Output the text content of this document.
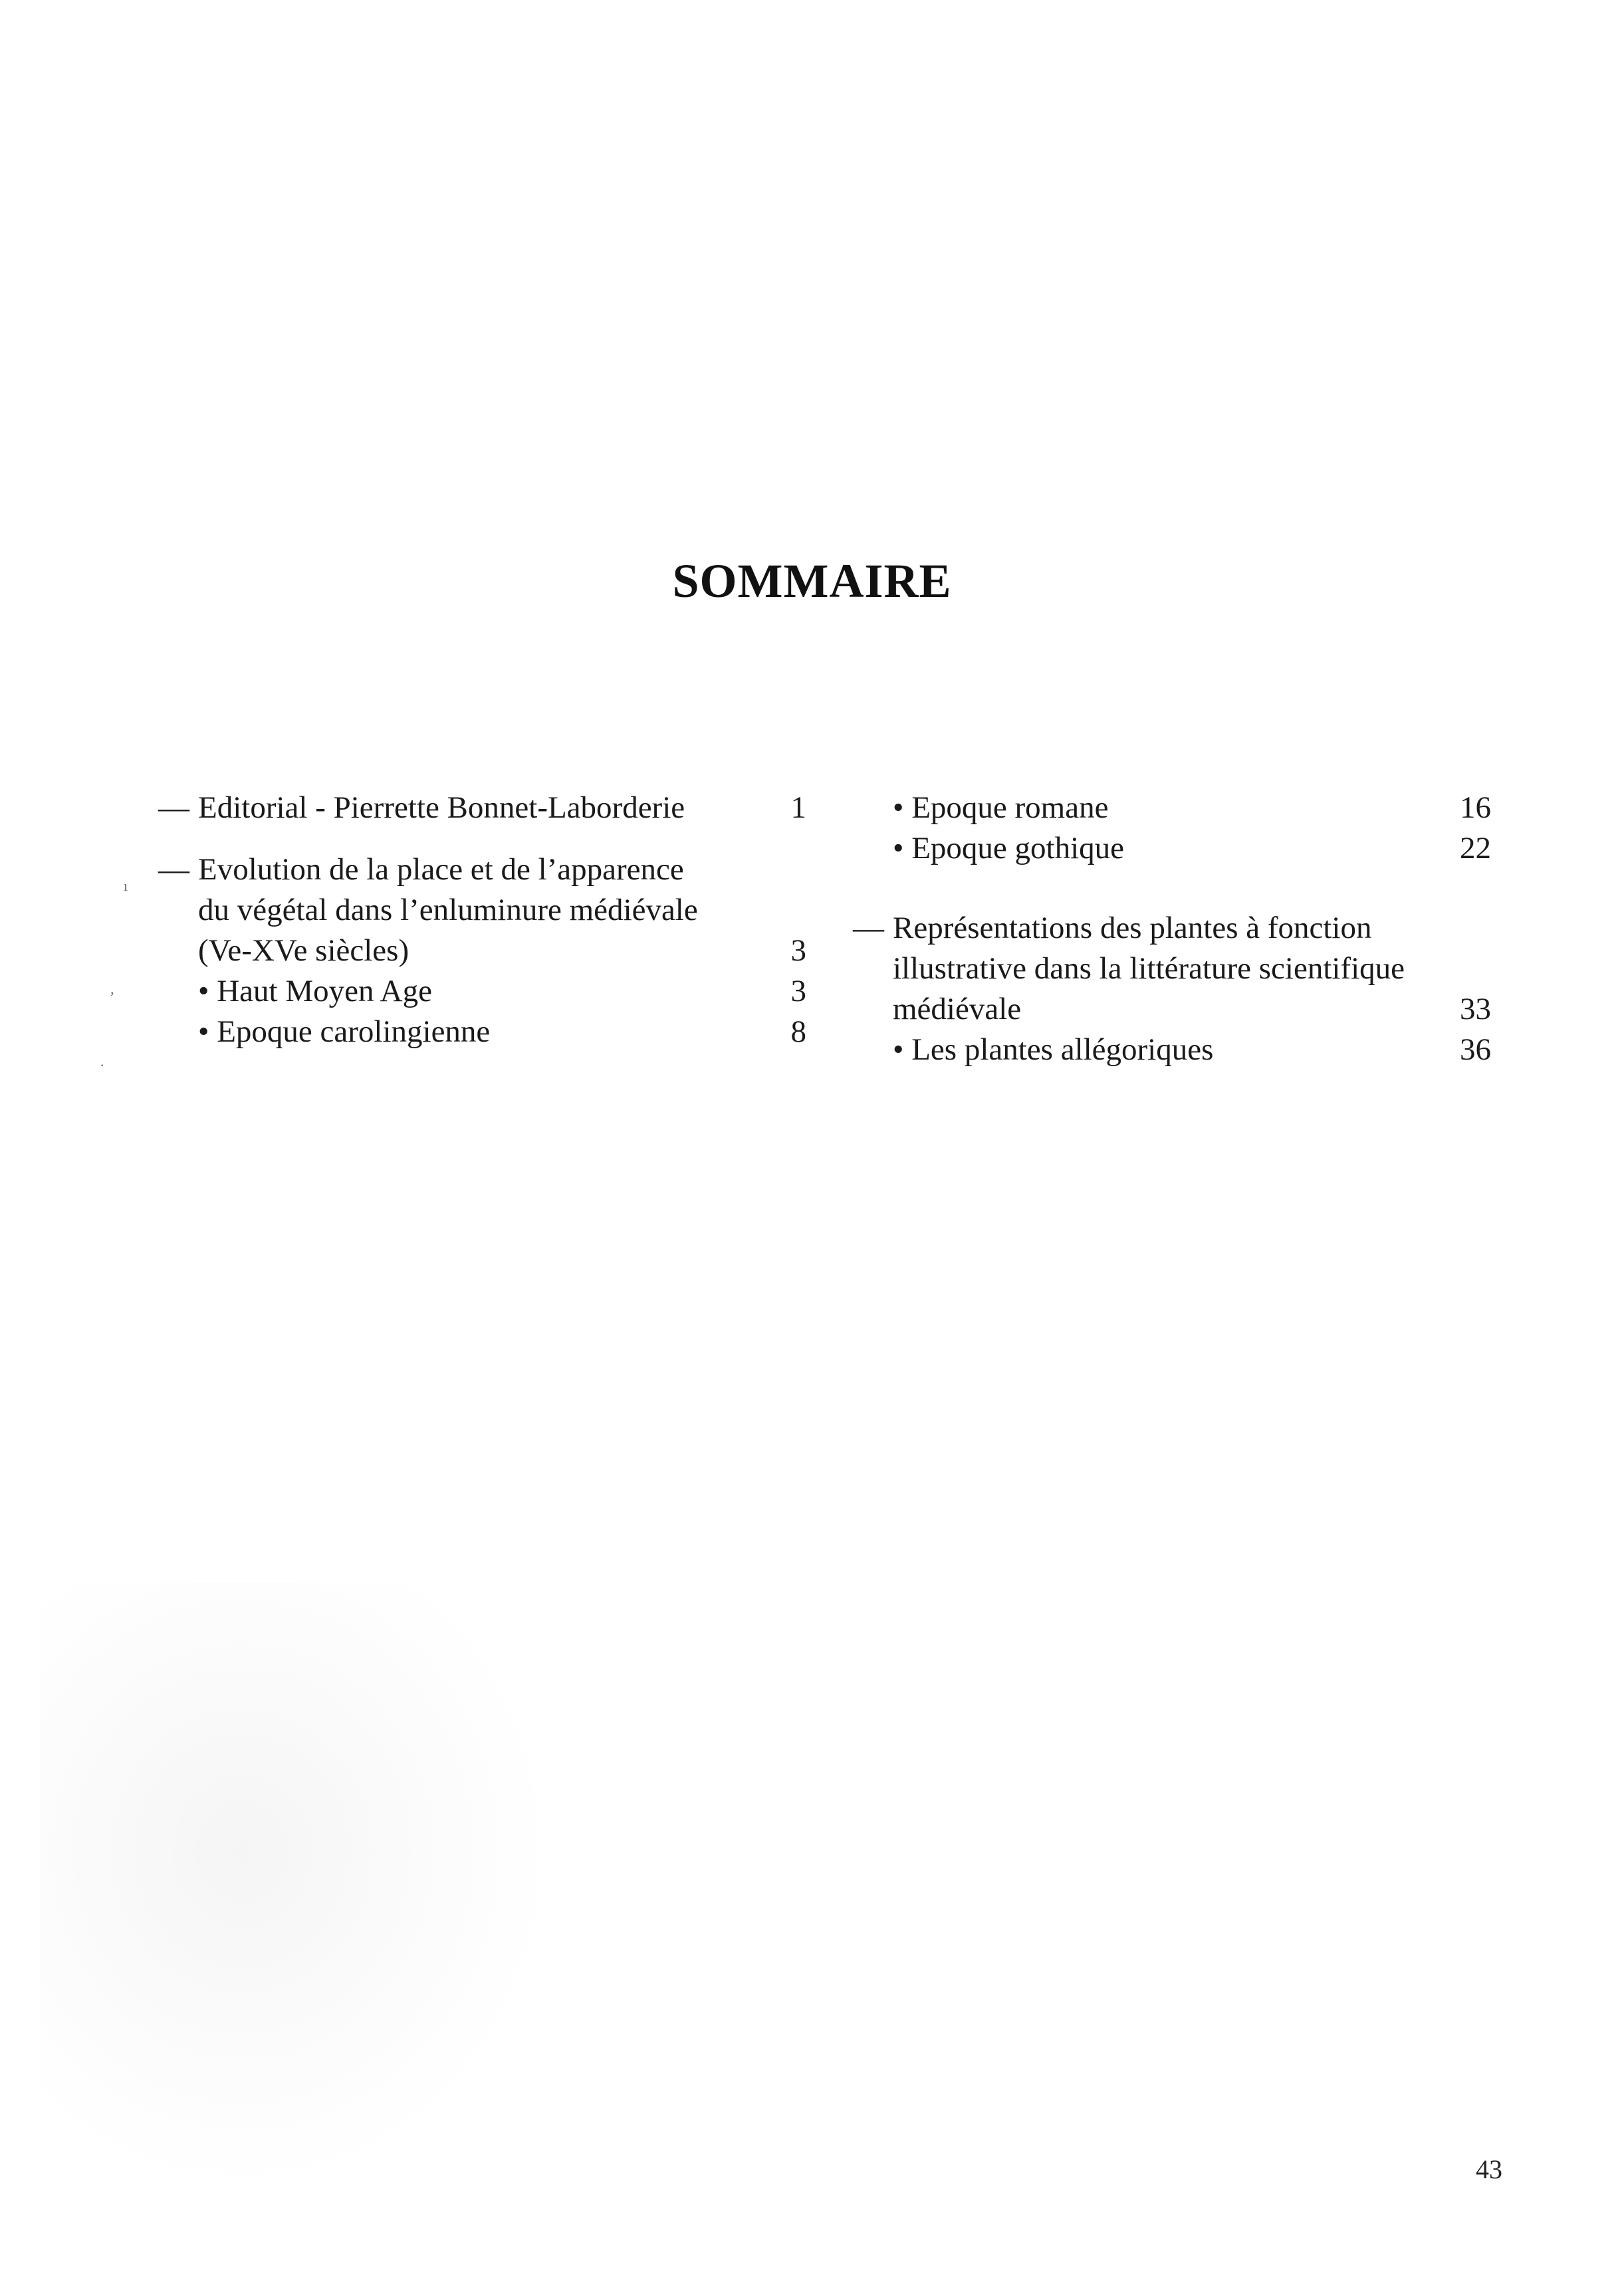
SOMMAIRE
— Editorial - Pierrette Bonnet-Laborderie	1
— Evolution de la place et de l’apparence
du végétal dans l’enluminure médiévale
(Ve-XVe siècles)	3
• Haut Moyen Age	3
• Epoque carolingienne	8
• Epoque romane	16
• Epoque gothique	22
— Représentations des plantes à fonction
illustrative dans la littérature scientifique
médiévale	33
• Les plantes allégoriques	36
ı
‚
·
43
